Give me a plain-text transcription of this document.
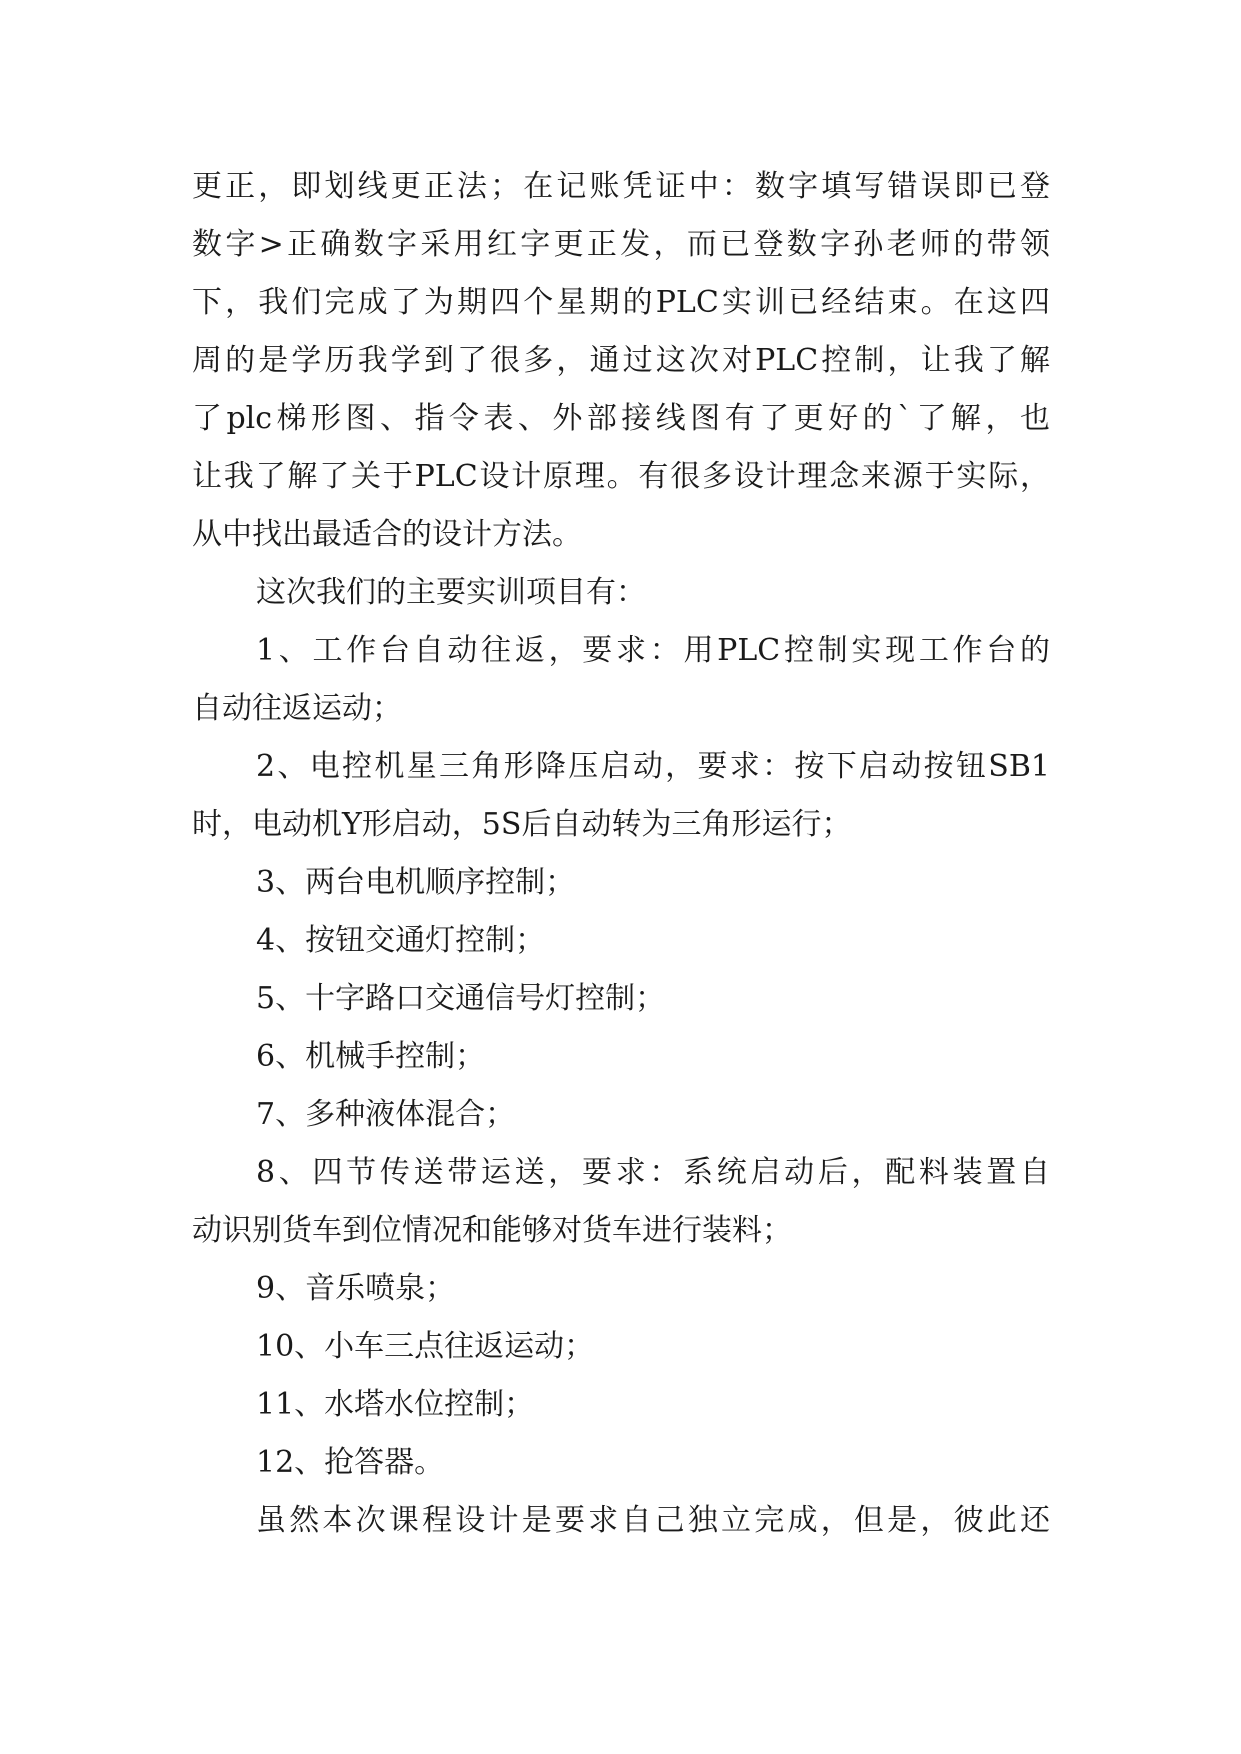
更正，即划线更正法；在记账凭证中：数字填写错误即已登
数字>正确数字采用红字更正发，而已登数字孙老师的带领
下，我们完成了为期四个星期的PLC实训已经结束。在这四
周的是学历我学到了很多，通过这次对PLC控制，让我了解
了plc梯形图、指令表、外部接线图有了更好的`了解，也
让我了解了关于PLC设计原理。有很多设计理念来源于实际，
从中找出最适合的设计方法。
这次我们的主要实训项目有：
1、工作台自动往返，要求：用PLC控制实现工作台的
自动往返运动；
2、电控机星三角形降压启动，要求：按下启动按钮SB1
时，电动机Y形启动，5S后自动转为三角形运行；
3、两台电机顺序控制；
4、按钮交通灯控制；
5、十字路口交通信号灯控制；
6、机械手控制；
7、多种液体混合；
8、四节传送带运送，要求：系统启动后，配料装置自
动识别货车到位情况和能够对货车进行装料；
9、音乐喷泉；
10、小车三点往返运动；
11、水塔水位控制；
12、抢答器。
虽然本次课程设计是要求自己独立完成，但是，彼此还
